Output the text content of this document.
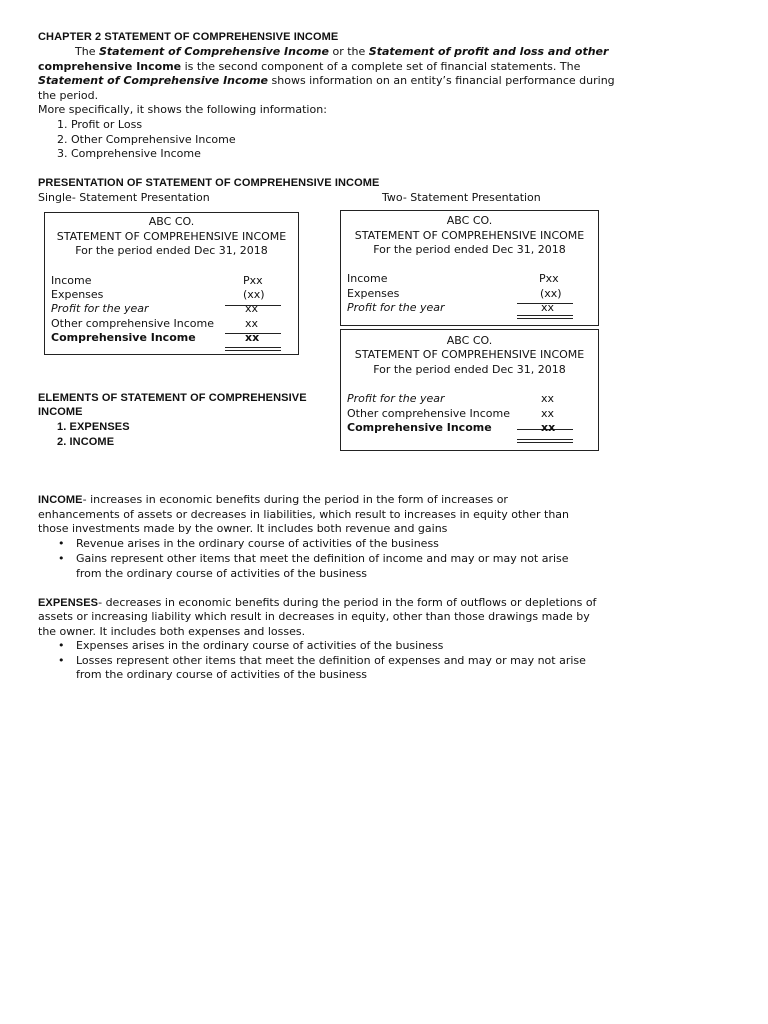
CHAPTER 2 STATEMENT OF COMPREHENSIVE INCOME
The Statement of Comprehensive Income or the Statement of profit and loss and other
comprehensive Income is the second component of a complete set of financial statements. The
Statement of Comprehensive Income shows information on an entity’s financial performance during
the period.
More specifically, it shows the following information:
1. Profit or Loss
2. Other Comprehensive Income
3. Comprehensive Income
PRESENTATION OF STATEMENT OF COMPREHENSIVE INCOME
Single- Statement Presentation	Two- Statement Presentation
ABC CO.
STATEMENT OF COMPREHENSIVE INCOME
For the period ended Dec 31, 2018
Income	Pxx
Expenses	(xx)
Profit for the year	xx
Other comprehensive Income	xx
Comprehensive Income	xx
ABC CO.
STATEMENT OF COMPREHENSIVE INCOME
For the period ended Dec 31, 2018
Income	Pxx
Expenses	(xx)
Profit for the year	xx
ABC CO.
STATEMENT OF COMPREHENSIVE INCOME
For the period ended Dec 31, 2018
Profit for the year	xx
Other comprehensive Income	xx
Comprehensive Income	xx
ELEMENTS OF STATEMENT OF COMPREHENSIVE
INCOME
1. EXPENSES
2. INCOME
INCOME- increases in economic benefits during the period in the form of increases or
enhancements of assets or decreases in liabilities, which result to increases in equity other than
those investments made by the owner. It includes both revenue and gains
• Revenue arises in the ordinary course of activities of the business
• Gains represent other items that meet the definition of income and may or may not arise
from the ordinary course of activities of the business
EXPENSES- decreases in economic benefits during the period in the form of outflows or depletions of
assets or increasing liability which result in decreases in equity, other than those drawings made by
the owner. It includes both expenses and losses.
• Expenses arises in the ordinary course of activities of the business
• Losses represent other items that meet the definition of expenses and may or may not arise
from the ordinary course of activities of the business
